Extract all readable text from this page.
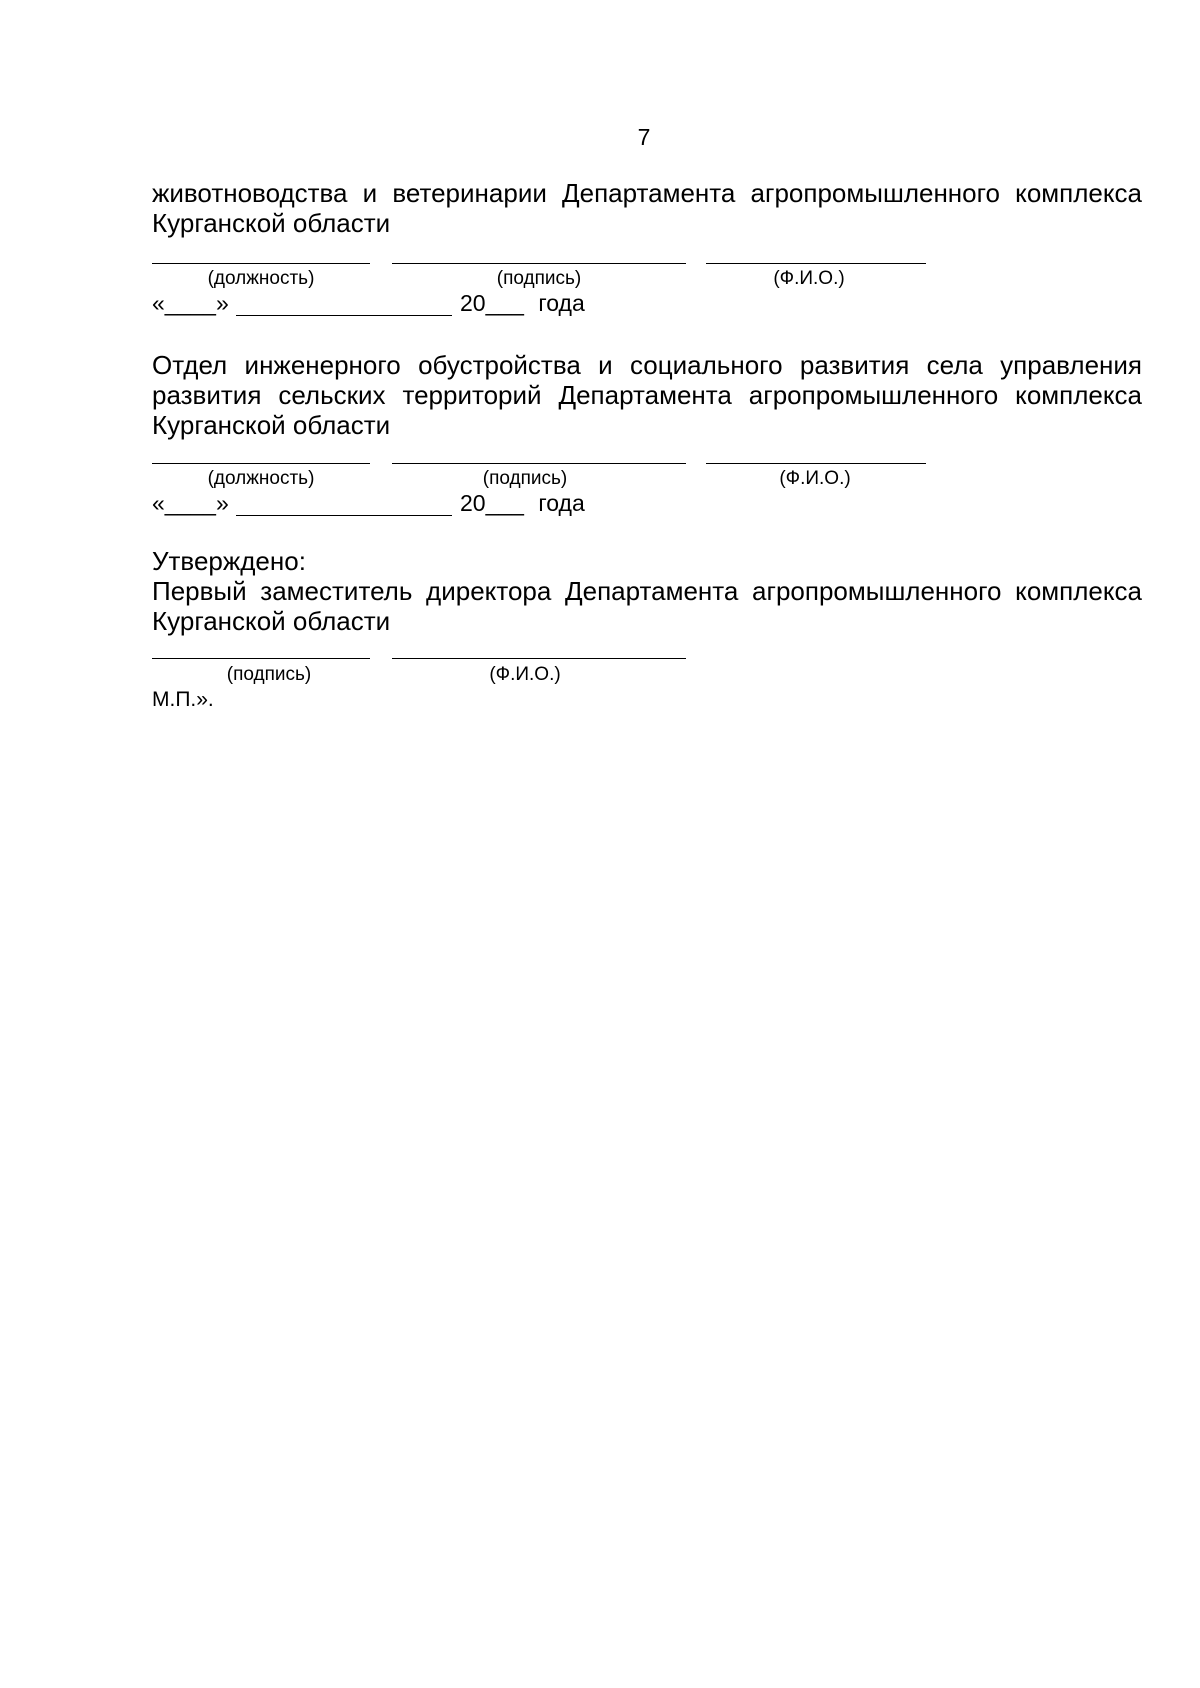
7

животноводства и ветеринарии Департамента агропромышленного комплекса Курганской области

(должность)	(подпись)	(Ф.И.О.)
«____»	20___ года

Отдел инженерного обустройства и социального развития села управления развития сельских территорий Департамента агропромышленного комплекса Курганской области

(должность)	(подпись)	(Ф.И.О.)
«____»	20___ года

Утверждено:

Первый заместитель директора Департамента агропромышленного комплекса Курганской области

(подпись)	(Ф.И.О.)
М.П.».
